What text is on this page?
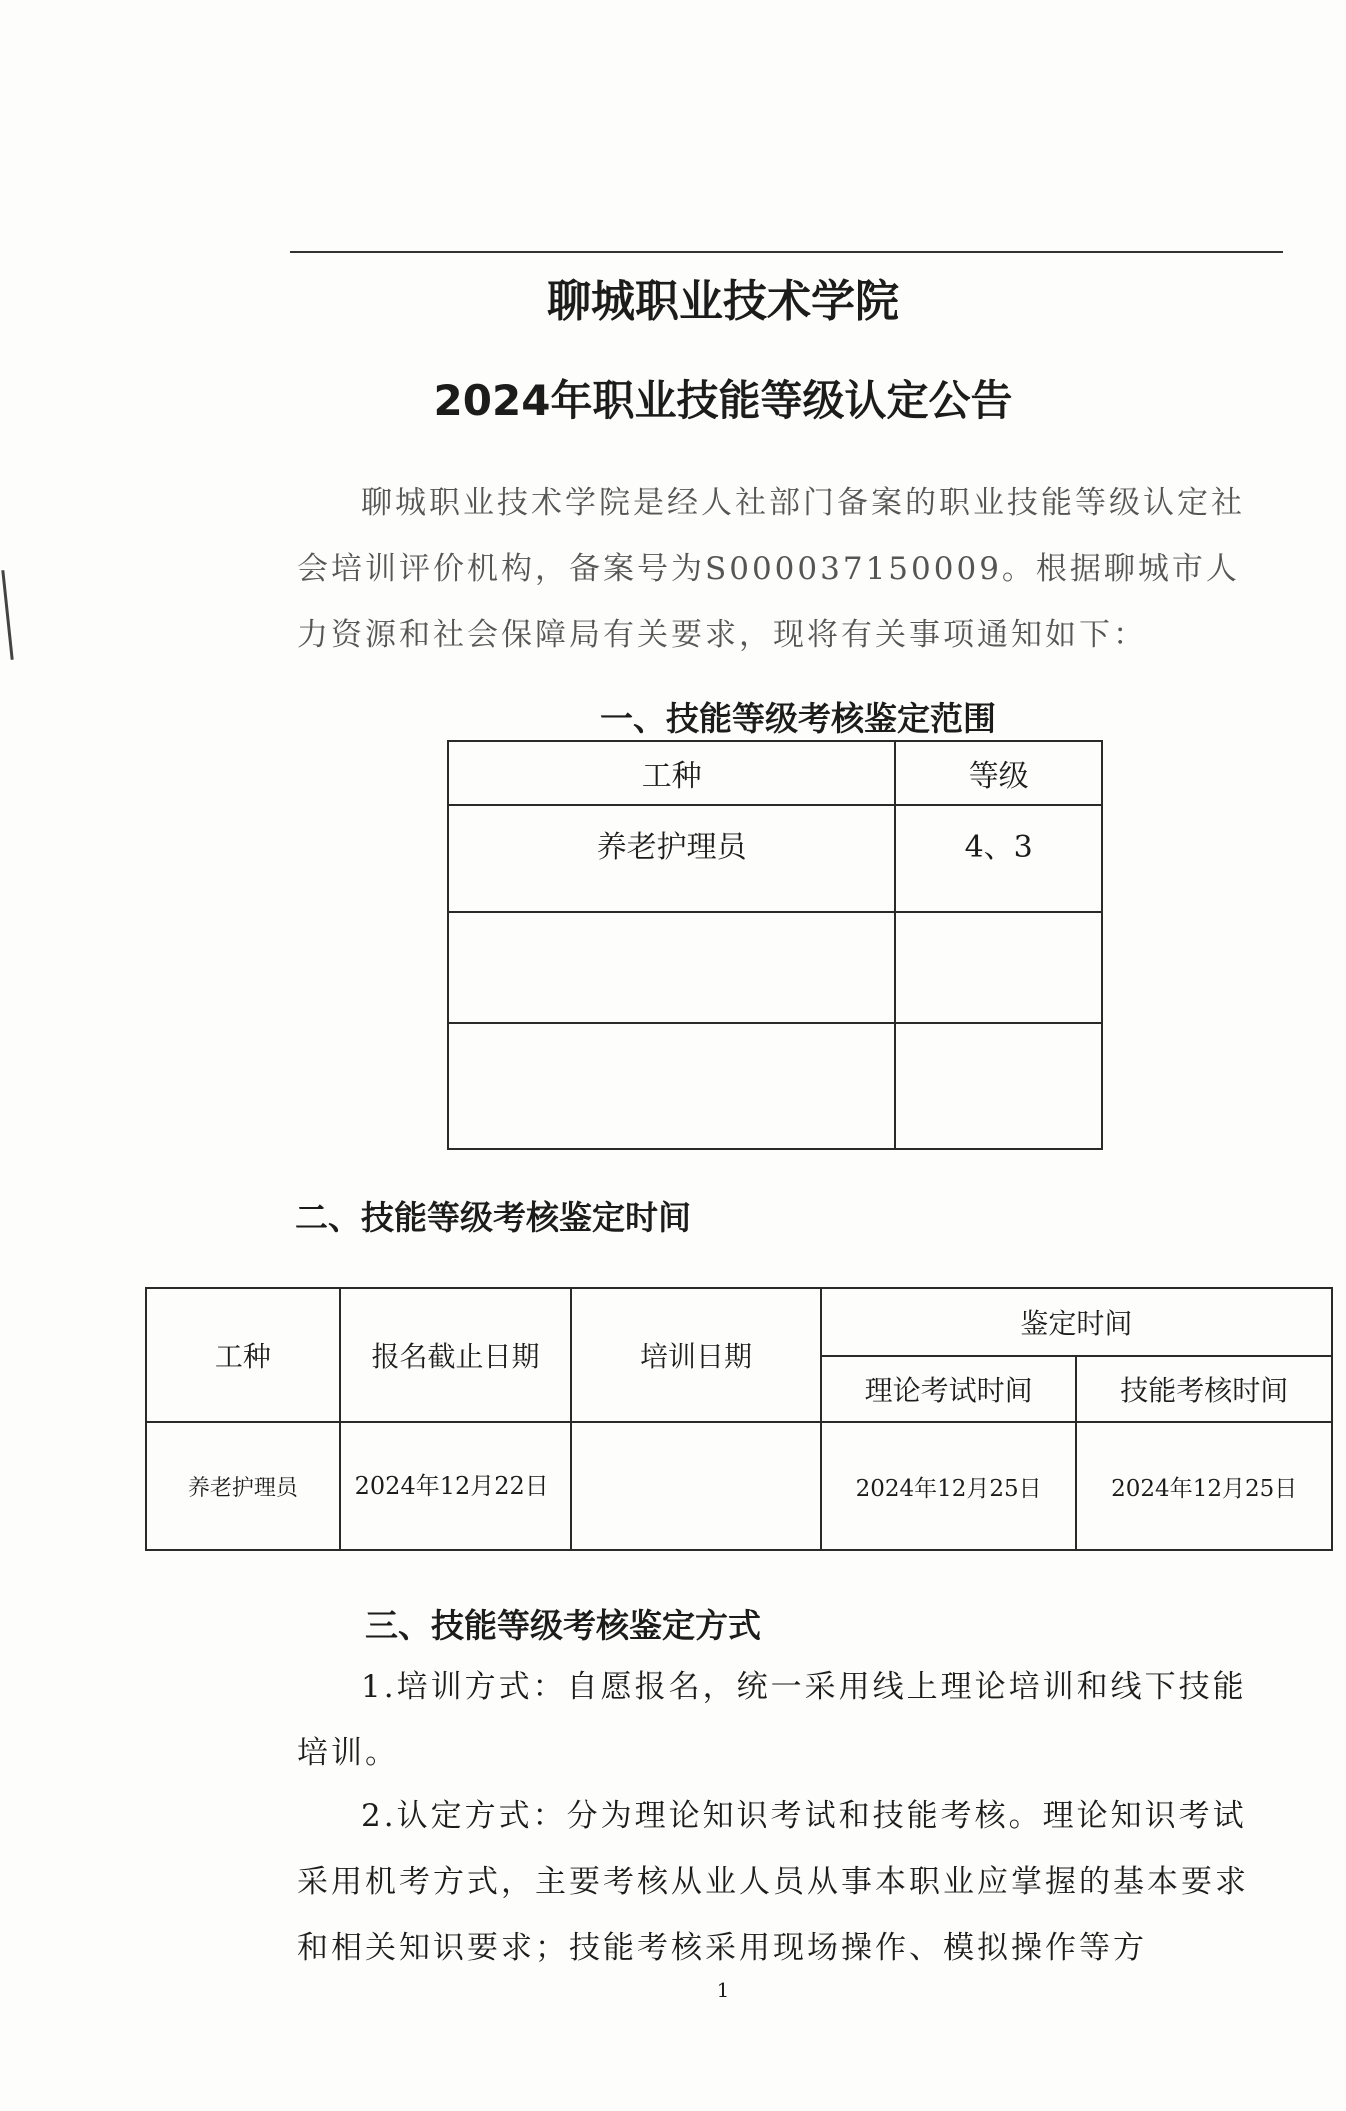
聊城职业技术学院
2024年职业技能等级认定公告
聊城职业技术学院是经人社部门备案的职业技能等级认定社会培训评价机构，备案号为S000037150009。根据聊城市人力资源和社会保障局有关要求，现将有关事项通知如下：
一、技能等级考核鉴定范围
工种	等级
养老护理员	4、3

二、技能等级考核鉴定时间
工种	报名截止日期	培训日期	鉴定时间	
			理论考试时间	技能考核时间
养老护理员	2024年12月22日		2024年12月25日	2024年12月25日
三、技能等级考核鉴定方式
1.培训方式：自愿报名，统一采用线上理论培训和线下技能培训。
2.认定方式：分为理论知识考试和技能考核。理论知识考试采用机考方式，主要考核从业人员从事本职业应掌握的基本要求和相关知识要求；技能考核采用现场操作、模拟操作等方
1
